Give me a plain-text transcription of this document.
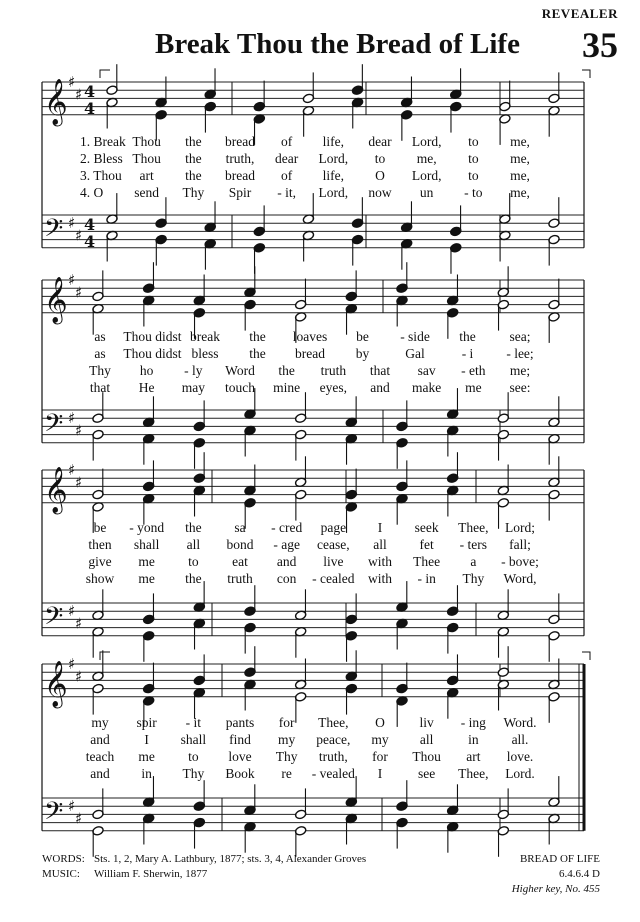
REVEALER
Break Thou the Bread of Life 35
𝄞
𝄢
♯
♯
♯
♯
4
4
4
4
𝄞
𝄢
♯
♯
♯
♯
𝄞
𝄢
♯
♯
♯
♯
𝄞
𝄢
♯
♯
♯
♯
1. Break Thou the bread of life, dear Lord, to me,
2. Bless Thou the truth, dear Lord, to me, to me,
3. Thou art the bread of life, O Lord, to me,
4. O send Thy Spir - it, Lord, now un - to me,
as Thou didst break the loaves be - side the	sea;
as Thou didst bless the bread by	Gal	- i - lee;
Thy ho - ly Word the truth that sav - eth me;
that He may touch mine eyes, and make me see:
be - yond the sa - cred page I seek Thee, Lord;
then shall all bond - age cease, all fet - ters fall;
give me to eat and live with Thee a - bove;
show me the truth con - cealed with - in Thy Word,
my spir - it pants for Thee, O	liv - ing Word.
and	I shall find my peace, my all	in all.
teach me to love Thy truth, for Thou art love.
and in Thy Book re - vealed I	see Thee, Lord.
WORDS: Sts. 1, 2, Mary A. Lathbury, 1877; sts. 3, 4, Alexander Groves
MUSIC: William F. Sherwin, 1877
BREAD OF LIFE
6.4.6.4 D
Higher key, No. 455
